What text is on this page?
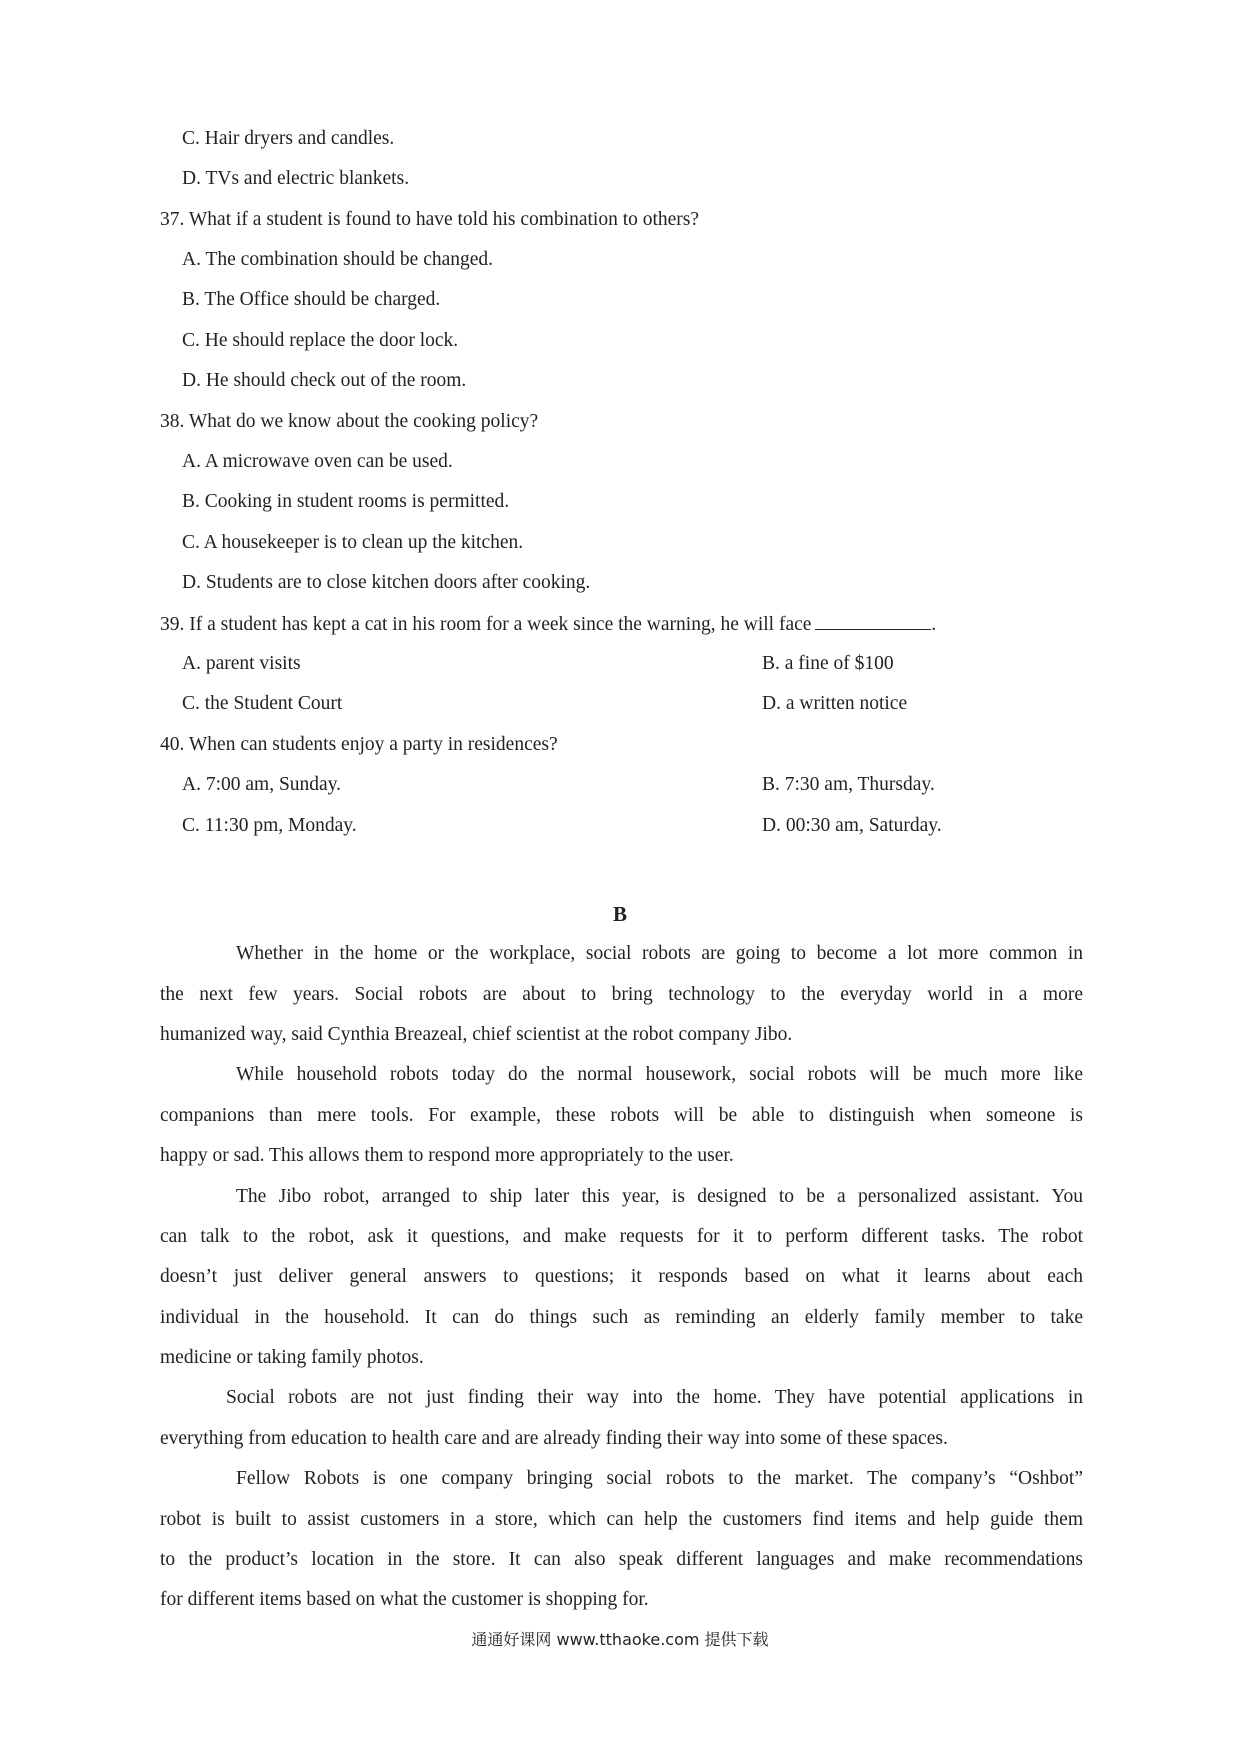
C. Hair dryers and candles.
D. TVs and electric blankets.
37. What if a student is found to have told his combination to others?
A. The combination should be changed.
B. The Office should be charged.
C. He should replace the door lock.
D. He should check out of the room.
38. What do we know about the cooking policy?
A. A microwave oven can be used.
B. Cooking in student rooms is permitted.
C. A housekeeper is to clean up the kitchen.
D. Students are to close kitchen doors after cooking.
39. If a student has kept a cat in his room for a week since the warning, he will face	.
A. parent visits	B. a fine of $100
C. the Student Court	D. a written notice
40. When can students enjoy a party in residences?
A. 7:00 am, Sunday.	B. 7:30 am, Thursday.
C. 11:30 pm, Monday.	D. 00:30 am, Saturday.
B
Whether in the home or the workplace, social robots are going to become a lot more common in
the next few years. Social robots are about to bring technology to the everyday world in a more
humanized way, said Cynthia Breazeal, chief scientist at the robot company Jibo.
While household robots today do the normal housework, social robots will be much more like
companions than mere tools. For example, these robots will be able to distinguish when someone is
happy or sad. This allows them to respond more appropriately to the user.
The Jibo robot, arranged to ship later this year, is designed to be a personalized assistant. You
can talk to the robot, ask it questions, and make requests for it to perform different tasks. The robot
doesn’t just deliver general answers to questions; it responds based on what it learns about each
individual in the household. It can do things such as reminding an elderly family member to take
medicine or taking family photos.
Social robots are not just finding their way into the home. They have potential applications in
everything from education to health care and are already finding their way into some of these spaces.
Fellow Robots is one company bringing social robots to the market. The company’s “Oshbot”
robot is built to assist customers in a store, which can help the customers find items and help guide them
to the product’s location in the store. It can also speak different languages and make recommendations
for different items based on what the customer is shopping for.
通通好课网 www.tthaoke.com 提供下载
